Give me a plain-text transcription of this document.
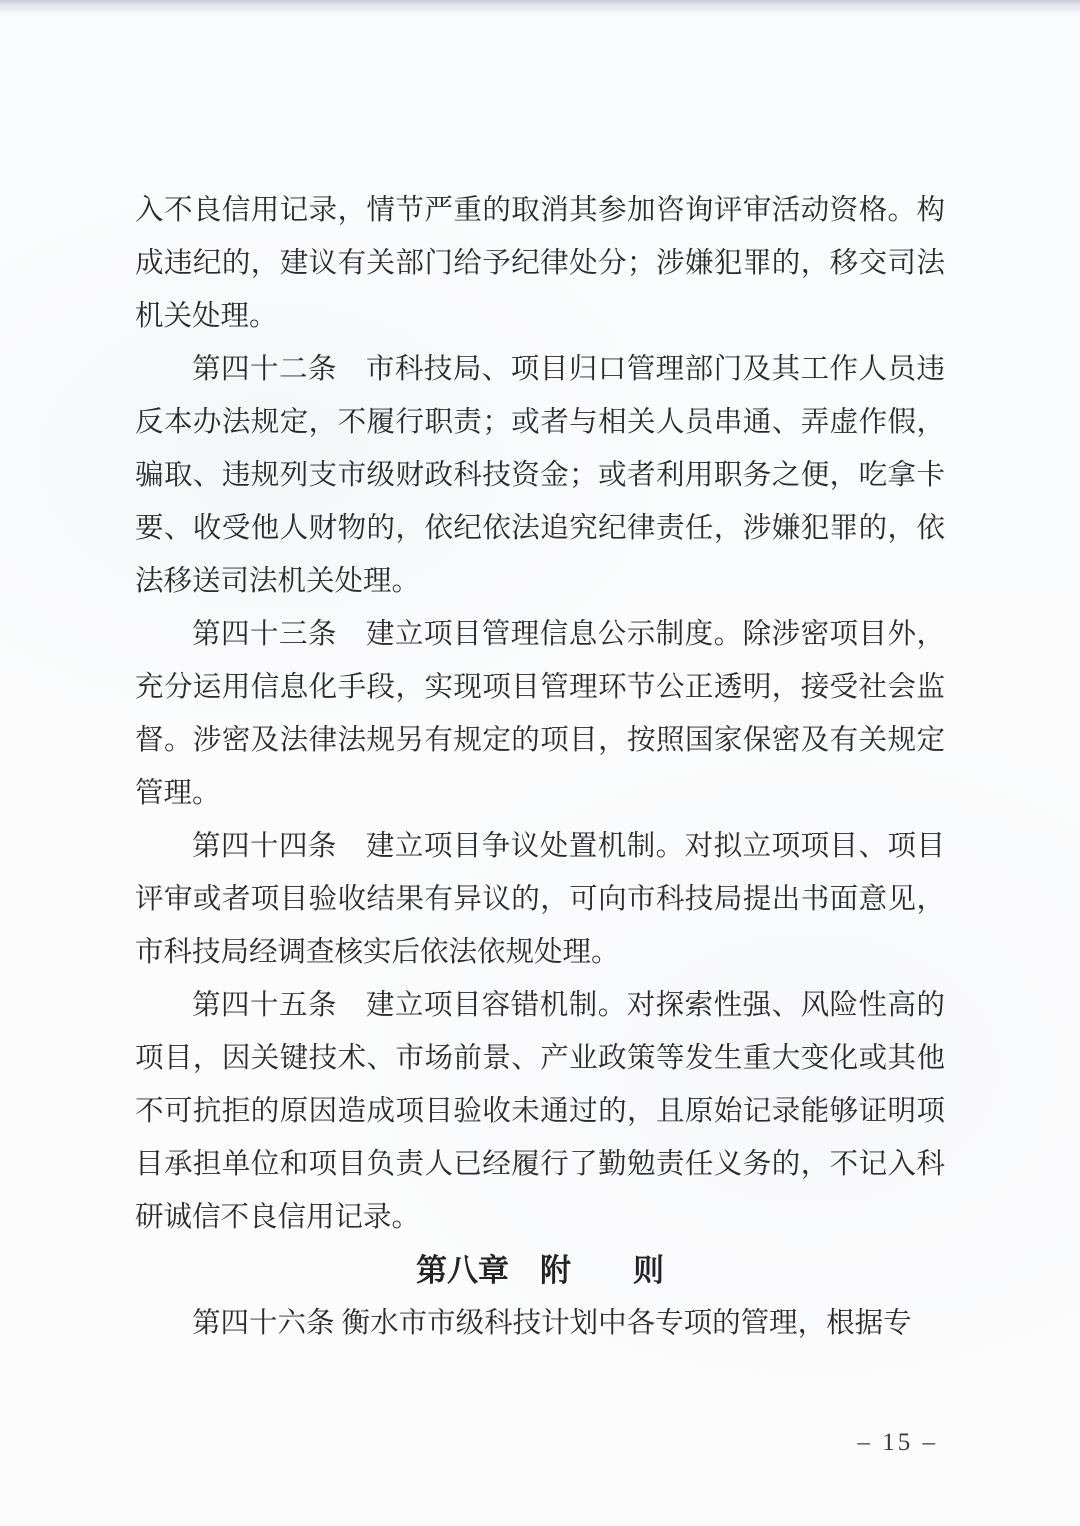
入不良信用记录，情节严重的取消其参加咨询评审活动资格。构成违纪的，建议有关部门给予纪律处分；涉嫌犯罪的，移交司法机关处理。

第四十二条　市科技局、项目归口管理部门及其工作人员违反本办法规定，不履行职责；或者与相关人员串通、弄虚作假，骗取、违规列支市级财政科技资金；或者利用职务之便，吃拿卡要、收受他人财物的，依纪依法追究纪律责任，涉嫌犯罪的，依法移送司法机关处理。

第四十三条　建立项目管理信息公示制度。除涉密项目外，充分运用信息化手段，实现项目管理环节公正透明，接受社会监督。涉密及法律法规另有规定的项目，按照国家保密及有关规定管理。

第四十四条　建立项目争议处置机制。对拟立项项目、项目评审或者项目验收结果有异议的，可向市科技局提出书面意见，市科技局经调查核实后依法依规处理。

第四十五条　建立项目容错机制。对探索性强、风险性高的项目，因关键技术、市场前景、产业政策等发生重大变化或其他不可抗拒的原因造成项目验收未通过的，且原始记录能够证明项目承担单位和项目负责人已经履行了勤勉责任义务的，不记入科研诚信不良信用记录。

第八章　附　　则

第四十六条 衡水市市级科技计划中各专项的管理，根据专

– 15 –
